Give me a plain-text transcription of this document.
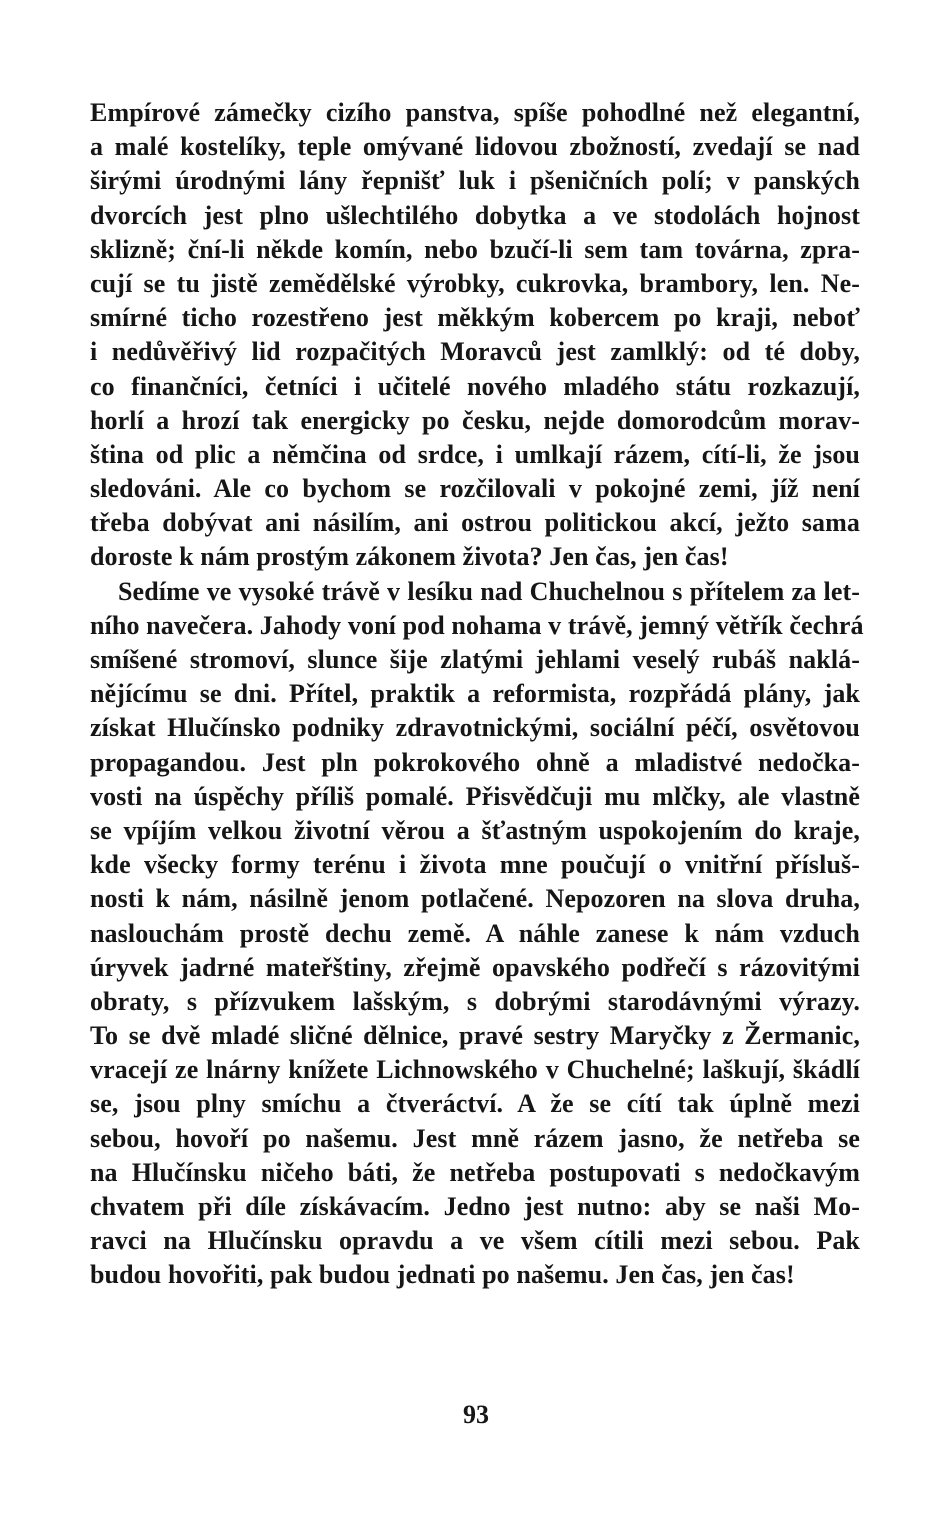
Empírové zámečky cizího panstva, spíše pohodlné než elegantní,
a malé kostelíky, teple omývané lidovou zbožností, zvedají se nad
širými úrodnými lány řepnišť luk i pšeničních polí; v panských
dvorcích jest plno ušlechtilého dobytka a ve stodolách hojnost
sklizně; ční-li někde komín, nebo bzučí-li sem tam továrna, zpra-
cují se tu jistě zemědělské výrobky, cukrovka, brambory, len. Ne-
smírné ticho rozestřeno jest měkkým kobercem po kraji, neboť
i nedůvěřivý lid rozpačitých Moravců jest zamlklý: od té doby,
co finančníci, četníci i učitelé nového mladého státu rozkazují,
horlí a hrozí tak energicky po česku, nejde domorodcům morav-
ština od plic a němčina od srdce, i umlkají rázem, cítí-li, že jsou
sledováni. Ale co bychom se rozčilovali v pokojné zemi, jíž není
třeba dobývat ani násilím, ani ostrou politickou akcí, ježto sama
doroste k nám prostým zákonem života? Jen čas, jen čas!
Sedíme ve vysoké trávě v lesíku nad Chuchelnou s přítelem za let-
ního navečera. Jahody voní pod nohama v trávě, jemný větřík čechrá
smíšené stromoví, slunce šije zlatými jehlami veselý rubáš naklá-
nějícímu se dni. Přítel, praktik a reformista, rozpřádá plány, jak
získat Hlučínsko podniky zdravotnickými, sociální péčí, osvětovou
propagandou. Jest pln pokrokového ohně a mladistvé nedočka-
vosti na úspěchy příliš pomalé. Přisvědčuji mu mlčky, ale vlastně
se vpíjím velkou životní věrou a šťastným uspokojením do kraje,
kde všecky formy terénu i života mne poučují o vnitřní přísluš-
nosti k nám, násilně jenom potlačené. Nepozoren na slova druha,
naslouchám prostě dechu země. A náhle zanese k nám vzduch
úryvek jadrné mateřštiny, zřejmě opavského podřečí s rázovitými
obraty, s přízvukem lašským, s dobrými starodávnými výrazy.
To se dvě mladé sličné dělnice, pravé sestry Maryčky z Žermanic,
vracejí ze lnárny knížete Lichnowského v Chuchelné; laškují, škádlí
se, jsou plny smíchu a čtveráctví. A že se cítí tak úplně mezi
sebou, hovoří po našemu. Jest mně rázem jasno, že netřeba se
na Hlučínsku ničeho báti, že netřeba postupovati s nedočkavým
chvatem při díle získávacím. Jedno jest nutno: aby se naši Mo-
ravci na Hlučínsku opravdu a ve všem cítili mezi sebou. Pak
budou hovořiti, pak budou jednati po našemu. Jen čas, jen čas!
93
